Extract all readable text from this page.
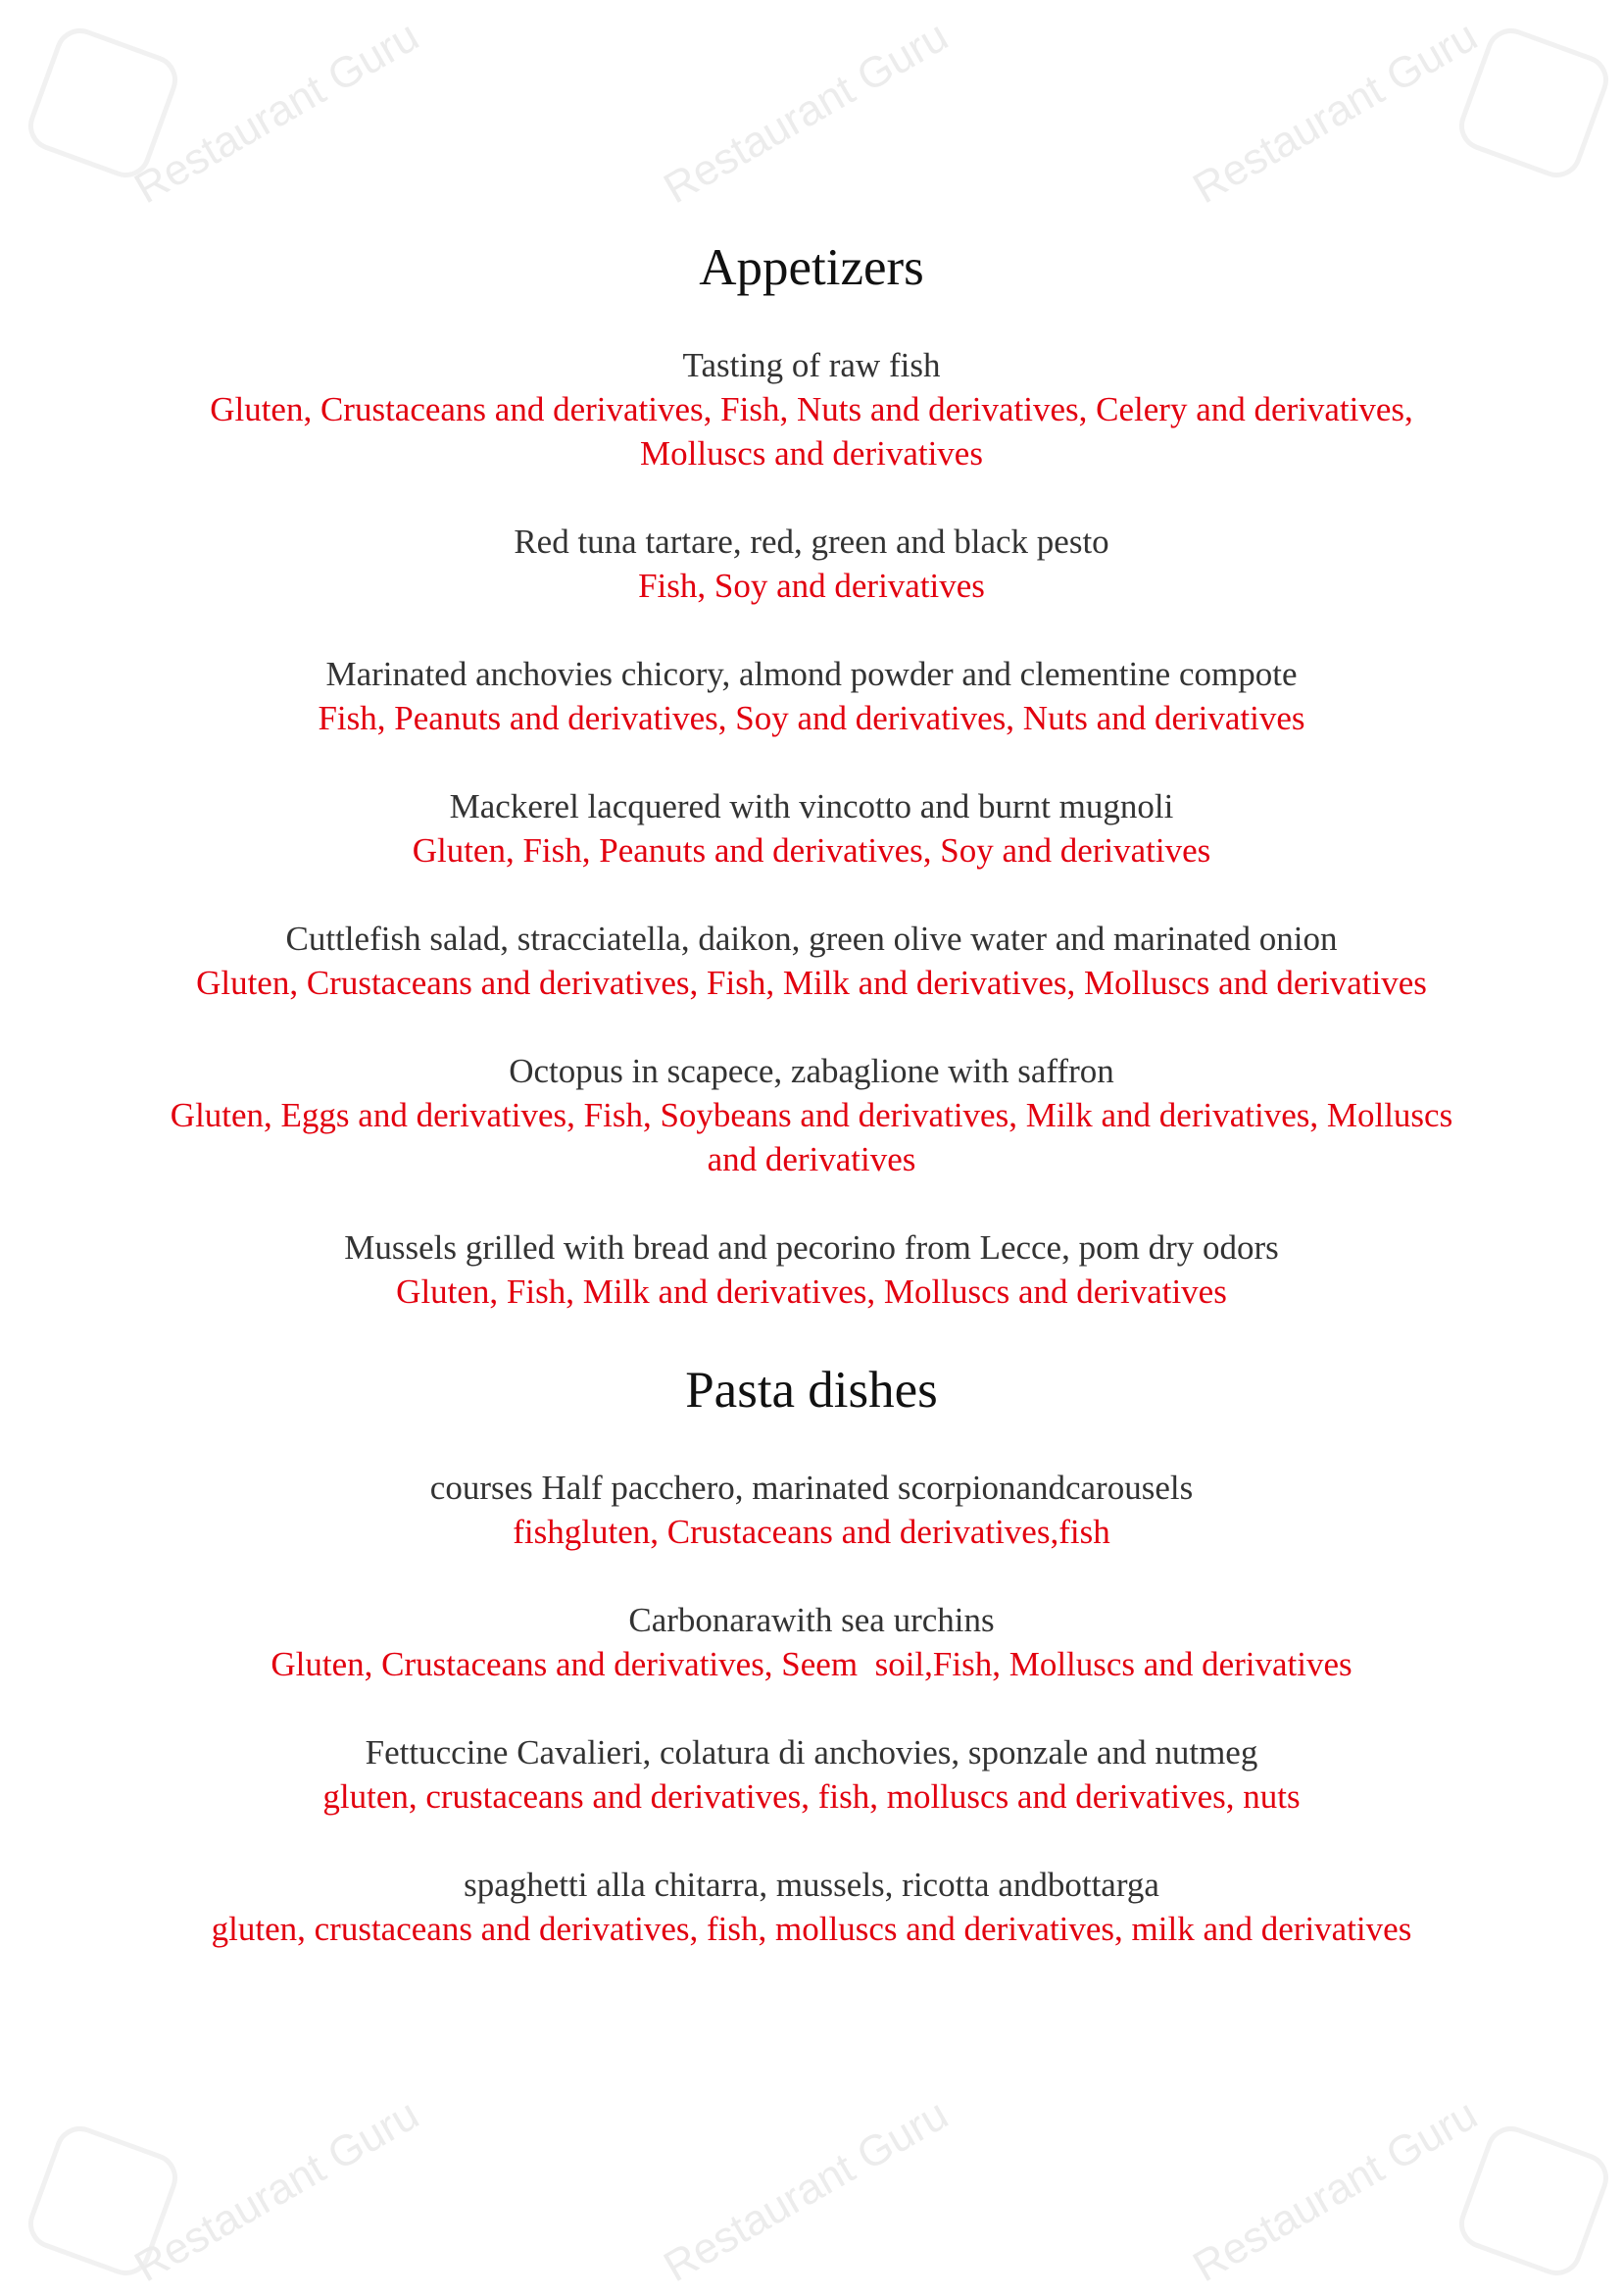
Restaurant Guru	Restaurant Guru	Restaurant Guru
Restaurant Guru	Restaurant Guru	Restaurant Guru
Appetizers
Tasting of raw fish
Gluten, Crustaceans and derivatives, Fish, Nuts and derivatives, Celery and derivatives, Molluscs and derivatives
Red tuna tartare, red, green and black pesto
Fish, Soy and derivatives
Marinated anchovies chicory, almond powder and clementine compote
Fish, Peanuts and derivatives, Soy and derivatives, Nuts and derivatives
Mackerel lacquered with vincotto and burnt mugnoli
Gluten, Fish, Peanuts and derivatives, Soy and derivatives
Cuttlefish salad, stracciatella, daikon, green olive water and marinated onion
Gluten, Crustaceans and derivatives, Fish, Milk and derivatives, Molluscs and derivatives
Octopus in scapece, zabaglione with saffron
Gluten, Eggs and derivatives, Fish, Soybeans and derivatives, Milk and derivatives, Molluscs and derivatives
Mussels grilled with bread and pecorino from Lecce, pom dry odors
Gluten, Fish, Milk and derivatives, Molluscs and derivatives
Pasta dishes
courses Half pacchero, marinated scorpionandcarousels
fishgluten, Crustaceans and derivatives,fish
Carbonarawith sea urchins
Gluten, Crustaceans and derivatives, Seem  soil,Fish, Molluscs and derivatives
Fettuccine Cavalieri, colatura di anchovies, sponzale and nutmeg
gluten, crustaceans and derivatives, fish, molluscs and derivatives, nuts
spaghetti alla chitarra, mussels, ricotta andbottarga
gluten, crustaceans and derivatives, fish, molluscs and derivatives, milk and derivatives
